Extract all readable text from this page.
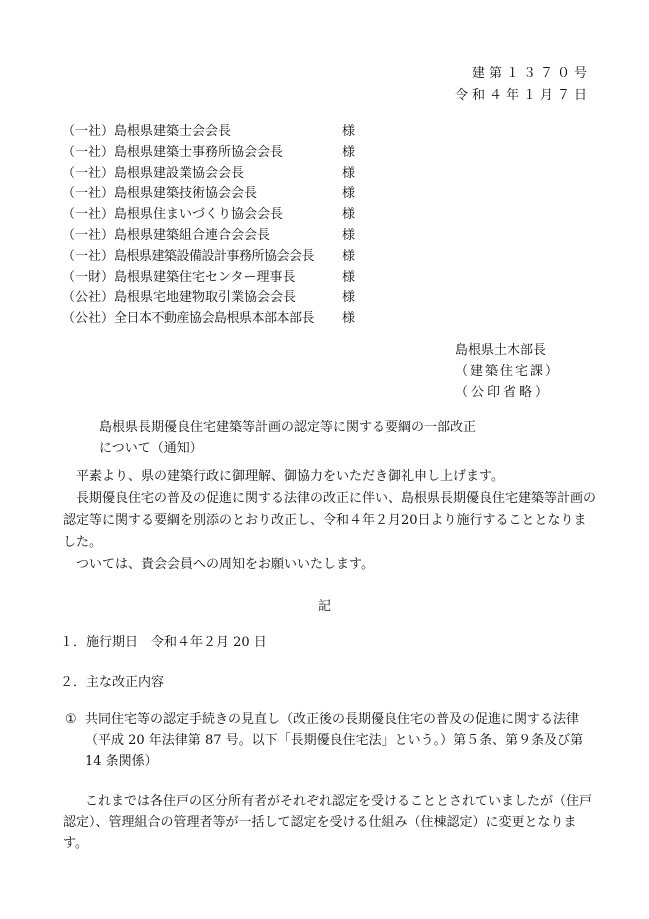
建第１３７０号
令和４年１月７日
（一社）島根県建築士会会長	様
（一社）島根県建築士事務所協会会長	様
（一社）島根県建設業協会会長	様
（一社）島根県建築技術協会会長	様
（一社）島根県住まいづくり協会会長	様
（一社）島根県建築組合連合会会長	様
（一社）島根県建築設備設計事務所協会会長 様
（一財）島根県建築住宅センター理事長	様
（公社）島根県宅地建物取引業協会会長	様
（公社）全日本不動産協会島根県本部本部長 様
島根県土木部長
（建築住宅課）
（公印省略）
島根県長期優良住宅建築等計画の認定等に関する要綱の一部改正
について（通知）

平素より、県の建築行政に御理解、御協力をいただき御礼申し上げます。

長期優良住宅の普及の促進に関する法律の改正に伴い、島根県長期優良住宅建築等計画の認定等に関する要綱を別添のとおり改正し、令和４年２月20日より施行することとなりました。

ついては、貴会会員への周知をお願いいたします。

記
１．施行期日　令和４年２月 20 日
２．主な改正内容
① 共同住宅等の認定手続きの見直し（改正後の長期優良住宅の普及の促進に関する法律（平成 20 年法律第 87 号。以下「長期優良住宅法」という。）第５条、第９条及び第 14 条関係）

これまでは各住戸の区分所有者がそれぞれ認定を受けることとされていましたが（住戸認定）、管理組合の管理者等が一括して認定を受ける仕組み（住棟認定）に変更となります。
